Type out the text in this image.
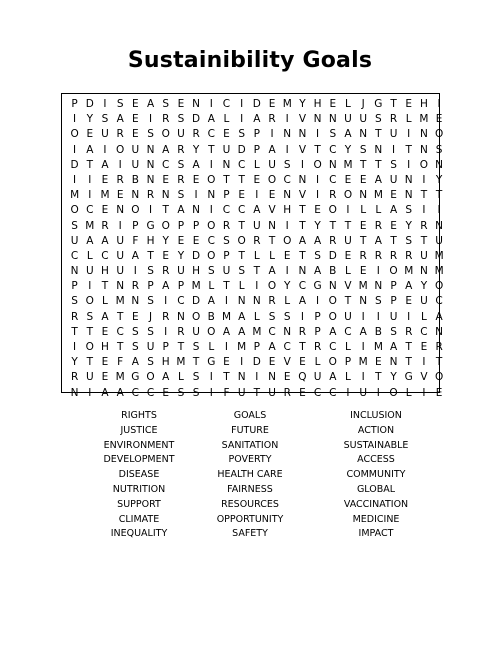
Sustainibility Goals
P D I S E A S E N I C I D E M Y H E L	J G T E H I
I Y S A E I R S D A L	I A R I V N N U U S R L M E
O E U R E S O U R C E S P I N N I S A N T U I N O
I A I O U N A R Y T U D P A I V T C Y S N I T N S
D T A I U N C S A I N C L U S I O N M T T S I O N
I	I E R B N E R E O T T E O C N I C E E A U N I Y
M I M E N R N S I N P E I E N V I R O N M E N T T
O C E N O I T A N I C C A V H T E O I	L L A S I	I
S M R I P G O P P O R T U N I T Y T T E R E Y R N
U A A U F H Y E E C S O R T O A A R U T A T S T U
C L C U A T E Y D O P T L L E T S D E R R R R U M
N U H U I S R U H S U S T A I N A B L E I O M N M
P I T N R P A P M L T L	I O Y C G N V M N P A Y O
S O L M N S I C D A I N N R L A I O T N S P E U C
R S A T E J R N O B M A L S S I P O U I	I U I	L A
T T E C S S I R U O A A M C N R P A C A B S R C N
I O H T S U P T S L	I M P A C T R C L	I M A T E R
Y T E F A S H M T G E I D E V E L O P M E N T I T
R U E M G O A L S I T N I N E Q U A L	I T Y G V O
N I A A C C E S S I	F U T U R E C C I U I O L	I E
RIGHTS
JUSTICE
ENVIRONMENT
DEVELOPMENT
DISEASE
NUTRITION
SUPPORT
CLIMATE
INEQUALITY
GOALS
FUTURE
SANITATION
POVERTY
HEALTH CARE
FAIRNESS
RESOURCES
OPPORTUNITY
SAFETY
INCLUSION
ACTION
SUSTAINABLE
ACCESS
COMMUNITY
GLOBAL
VACCINATION
MEDICINE
IMPACT
